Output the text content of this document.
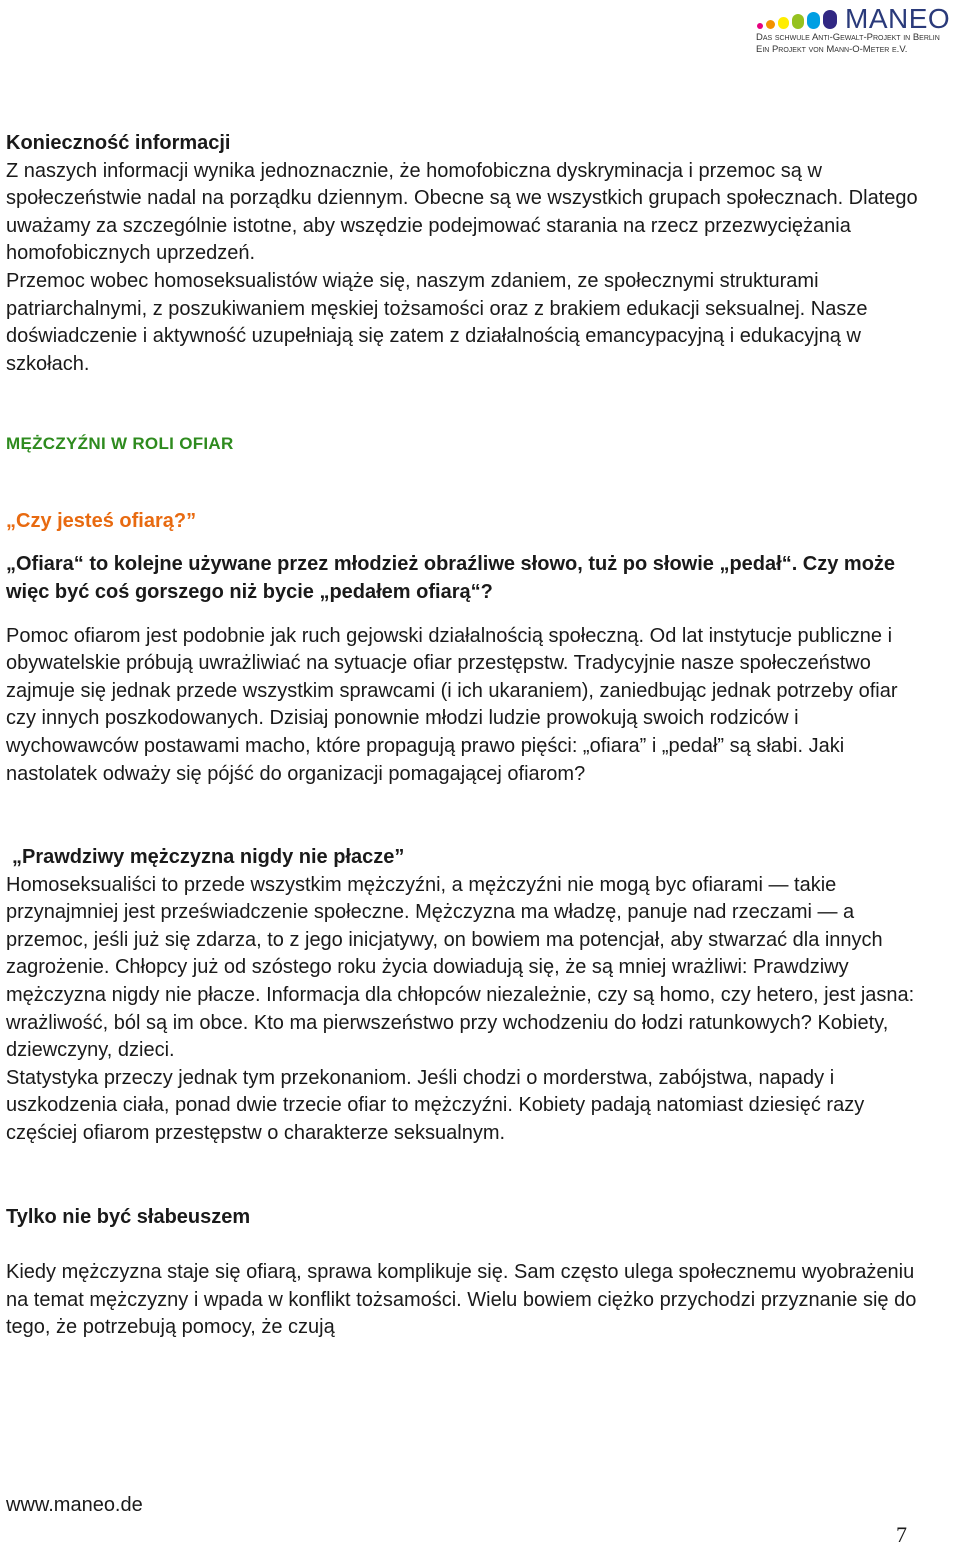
MANEO
Das schwule Anti-Gewalt-Projekt in Berlin
Ein Projekt von Mann-O-Meter e.V.
Konieczność informacji

Z naszych informacji wynika jednoznacznie, że homofobiczna dyskryminacja i przemoc są w społeczeństwie nadal na porządku dziennym. Obecne są we wszystkich grupach społecznach. Dlatego uważamy za szczególnie istotne, aby wszędzie podejmować starania na rzecz przezwyciężania homofobicznych uprzedzeń.

Przemoc wobec homoseksualistów wiąże się, naszym zdaniem, ze społecznymi strukturami patriarchalnymi, z poszukiwaniem męskiej tożsamości oraz z brakiem edukacji seksualnej. Nasze doświadczenie i aktywność uzupełniają się zatem z działalnością emancypacyjną i edukacyjną w szkołach.

MĘŻCZYŹNI W ROLI OFIAR
„Czy jesteś ofiarą?”

„Ofiara“ to kolejne używane przez młodzież obraźliwe słowo, tuż po słowie „pedał“. Czy może więc być coś gorszego niż bycie „pedałem ofiarą“?

Pomoc ofiarom jest podobnie jak ruch gejowski działalnością społeczną. Od lat instytucje publiczne i obywatelskie próbują uwrażliwiać na sytuacje ofiar przestępstw. Tradycyjnie nasze społeczeństwo zajmuje się jednak przede wszystkim sprawcami (i ich ukaraniem), zaniedbując jednak potrzeby ofiar czy innych poszkodowanych. Dzisiaj ponownie młodzi ludzie prowokują swoich rodziców i wychowawców postawami macho, które propagują prawo pięści: „ofiara” i „pedał” są słabi. Jaki nastolatek odważy się pójść do organizacji pomagającej ofiarom?

„Prawdziwy mężczyzna nigdy nie płacze”

Homoseksualiści to przede wszystkim mężczyźni, a mężczyźni nie mogą byc ofiarami — takie przynajmniej jest przeświadczenie społeczne. Mężczyzna ma władzę, panuje nad rzeczami — a przemoc, jeśli już się zdarza, to z jego inicjatywy, on bowiem ma potencjał, aby stwarzać dla innych zagrożenie. Chłopcy już od szóstego roku życia dowiadują się, że są mniej wrażliwi: Prawdziwy mężczyzna nigdy nie płacze. Informacja dla chłopców niezależnie, czy są homo, czy hetero, jest jasna: wrażliwość, ból są im obce. Kto ma pierwszeństwo przy wchodzeniu do łodzi ratunkowych? Kobiety, dziewczyny, dzieci.

Statystyka przeczy jednak tym przekonaniom. Jeśli chodzi o morderstwa, zabójstwa, napady i uszkodzenia ciała, ponad dwie trzecie ofiar to mężczyźni. Kobiety padają natomiast dziesięć razy częściej ofiarom przestępstw o charakterze seksualnym.

Tylko nie być słabeuszem

Kiedy mężczyzna staje się ofiarą, sprawa komplikuje się. Sam często ulega społecznemu wyobrażeniu na temat mężczyzny i wpada w konflikt tożsamości. Wielu bowiem ciężko przychodzi przyznanie się do tego, że potrzebują pomocy, że czują

www.maneo.de
7
